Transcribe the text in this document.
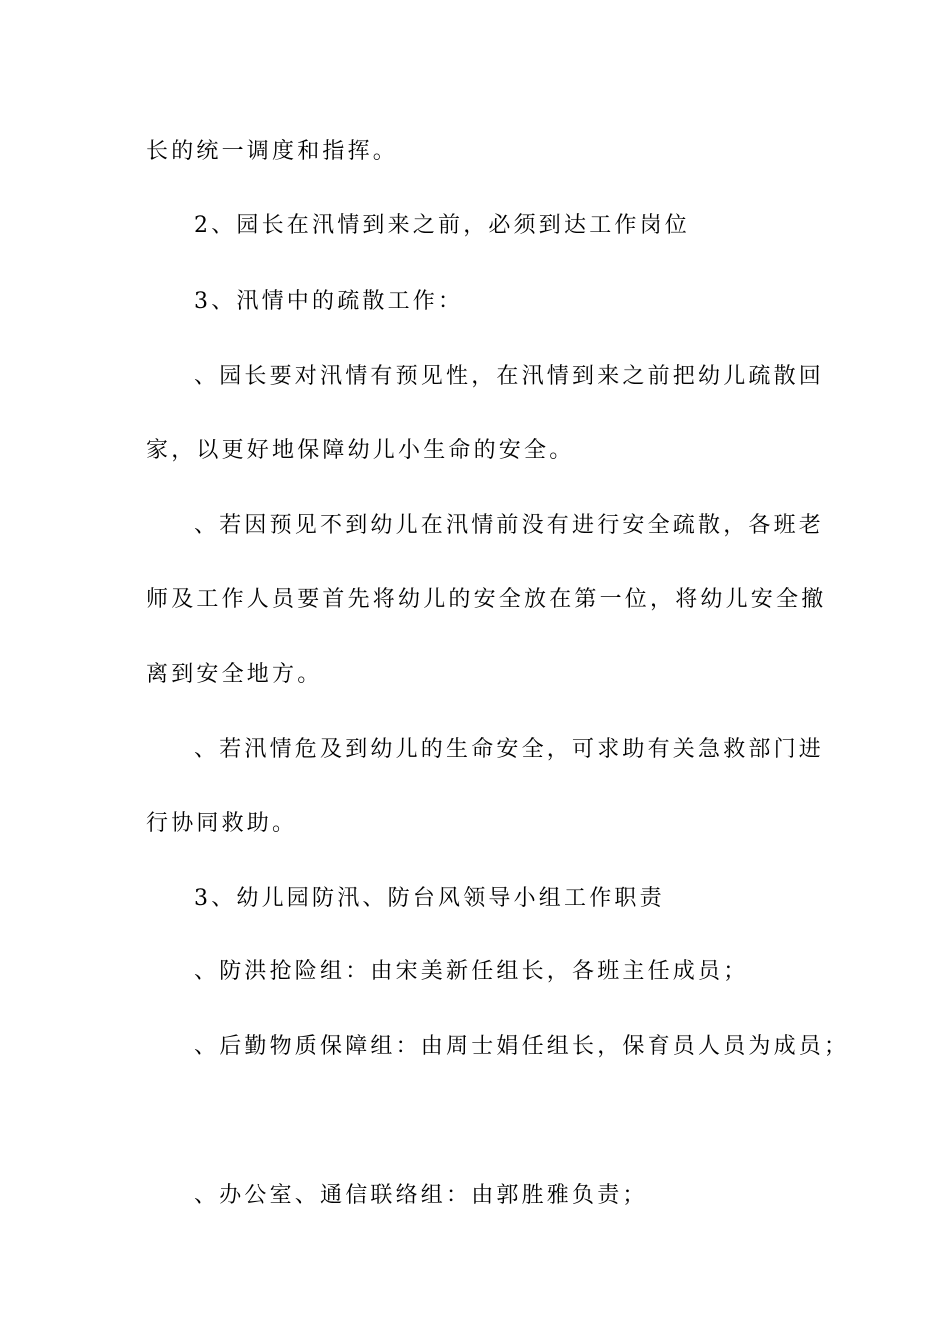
长的统一调度和指挥。
2、园长在汛情到来之前，必须到达工作岗位
3、汛情中的疏散工作：
、园长要对汛情有预见性，在汛情到来之前把幼儿疏散回
家，以更好地保障幼儿小生命的安全。
、若因预见不到幼儿在汛情前没有进行安全疏散，各班老
师及工作人员要首先将幼儿的安全放在第一位，将幼儿安全撤
离到安全地方。
、若汛情危及到幼儿的生命安全，可求助有关急救部门进
行协同救助。
3、幼儿园防汛、防台风领导小组工作职责
、防洪抢险组：由宋美新任组长，各班主任成员；
、后勤物质保障组：由周士娟任组长，保育员人员为成员；
、办公室、通信联络组：由郭胜雅负责；
